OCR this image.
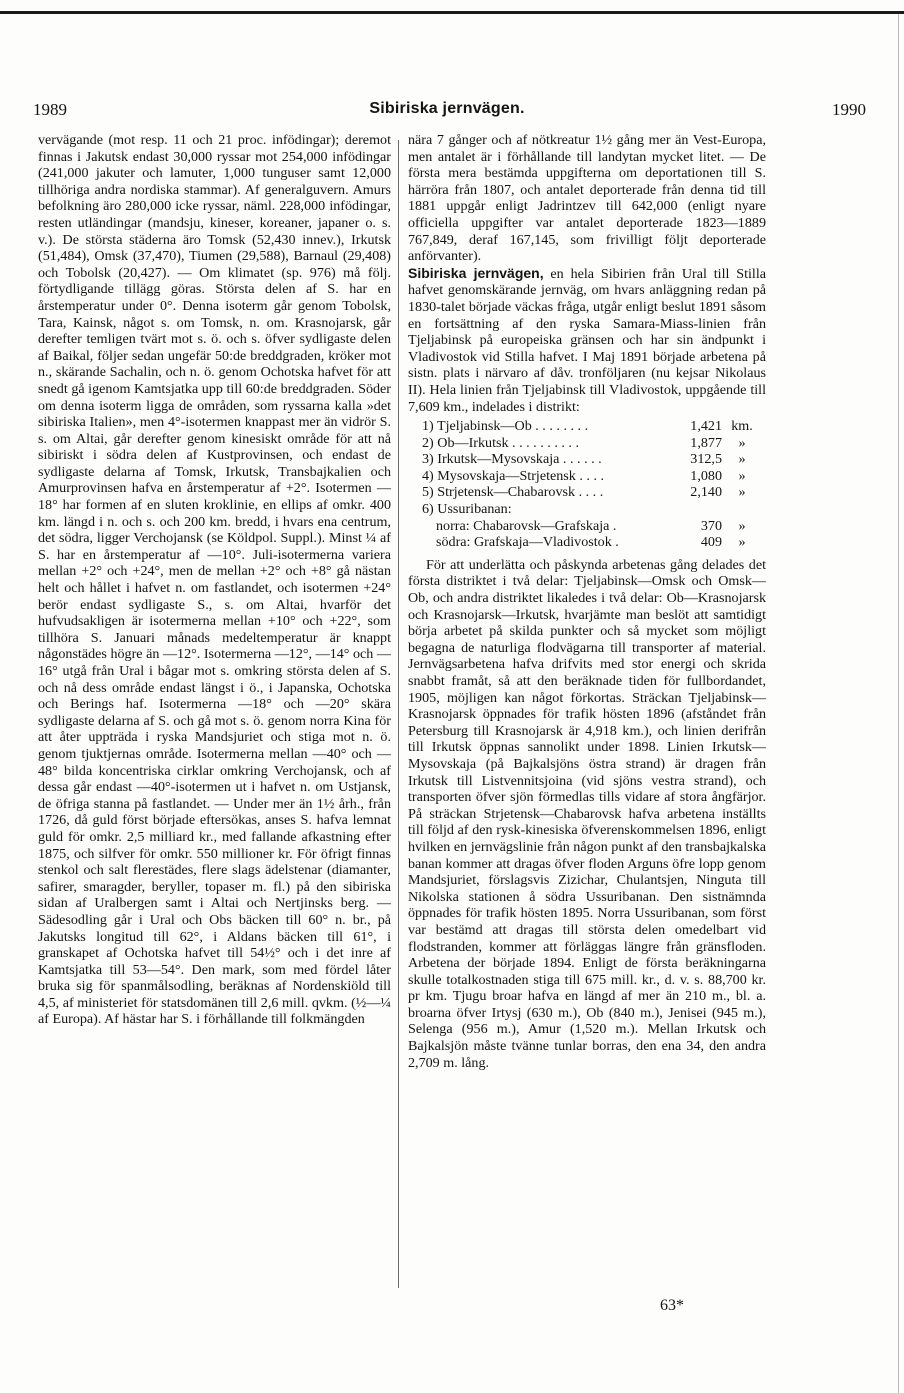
1989	Sibiriska jernvägen.	1990

vervägande (mot resp. 11 och 21 proc. infödingar); deremot finnas i Jakutsk endast 30,000 ryssar mot 254,000 infödingar (241,000 jakuter och lamuter, 1,000 tunguser samt 12,000 tillhöriga andra nordiska stammar). Af generalguvern. Amurs befolkning äro 280,000 icke ryssar, näml. 228,000 infödingar, resten utländingar (mandsju, kineser, koreaner, japaner o. s. v.). De största städerna äro Tomsk (52,430 innev.), Irkutsk (51,484), Omsk (37,470), Tiumen (29,588), Barnaul (29,408) och Tobolsk (20,427). — Om klimatet (sp. 976) må följ. förtydligande tillägg göras. Största delen af S. har en årstemperatur under 0°. Denna isoterm går genom Tobolsk, Tara, Kainsk, något s. om Tomsk, n. om. Krasnojarsk, går derefter temligen tvärt mot s. ö. och s. öfver sydligaste delen af Baikal, följer sedan ungefär 50:de breddgraden, kröker mot n., skärande Sachalin, och n. ö. genom Ochotska hafvet för att snedt gå igenom Kamtsjatka upp till 60:de breddgraden. Söder om denna isoterm ligga de områden, som ryssarna kalla »det sibiriska Italien», men 4°-isotermen knappast mer än vidrör S. s. om Altai, går derefter genom kinesiskt område för att nå sibiriskt i södra delen af Kustprovinsen, och endast de sydligaste delarna af Tomsk, Irkutsk, Transbajkalien och Amurprovinsen hafva en årstemperatur af +2°. Isotermen —18° har formen af en sluten kroklinie, en ellips af omkr. 400 km. längd i n. och s. och 200 km. bredd, i hvars ena centrum, det södra, ligger Verchojansk (se Köldpol. Suppl.). Minst ¼ af S. har en årstemperatur af —10°. Juli-isotermerna variera mellan +2° och +24°, men de mellan +2° och +8° gå nästan helt och hållet i hafvet n. om fastlandet, och isotermen +24° berör endast sydligaste S., s. om Altai, hvarför det hufvudsakligen är isotermerna mellan +10° och +22°, som tillhöra S. Januari månads medeltemperatur är knappt någonstädes högre än —12°. Isotermerna —12°, —14° och —16° utgå från Ural i bågar mot s. omkring största delen af S. och nå dess område endast längst i ö., i Japanska, Ochotska och Berings haf. Isotermerna —18° och —20° skära sydligaste delarna af S. och gå mot s. ö. genom norra Kina för att åter uppträda i ryska Mandsjuriet och stiga mot n. ö. genom tjuktjernas område. Isotermerna mellan —40° och —48° bilda koncentriska cirklar omkring Verchojansk, och af dessa går endast —40°-isotermen ut i hafvet n. om Ustjansk, de öfriga stanna på fastlandet. — Under mer än 1½ årh., från 1726, då guld först började eftersökas, anses S. hafva lemnat guld för omkr. 2,5 milliard kr., med fallande afkastning efter 1875, och silfver för omkr. 550 millioner kr. För öfrigt finnas stenkol och salt flerestädes, flere slags ädelstenar (diamanter, safirer, smaragder, beryller, topaser m. fl.) på den sibiriska sidan af Uralbergen samt i Altai och Nertjinsks berg. — Sädesodling går i Ural och Obs bäcken till 60° n. br., på Jakutsks longitud till 62°, i Aldans bäcken till 61°, i granskapet af Ochotska hafvet till 54½° och i det inre af Kamtsjatka till 53—54°. Den mark, som med fördel låter bruka sig för spanmålsodling, beräknas af Nordenskiöld till 4,5, af ministeriet för statsdomänen till 2,6 mill. qvkm. (½—¼ af Europa). Af hästar har S. i förhållande till folkmängden

nära 7 gånger och af nötkreatur 1½ gång mer än Vest-Europa, men antalet är i förhållande till landytan mycket litet. — De första mera bestämda uppgifterna om deportationen till S. härröra från 1807, och antalet deporterade från denna tid till 1881 uppgår enligt Jadrintzev till 642,000 (enligt nyare officiella uppgifter var antalet deporterade 1823—1889 767,849, deraf 167,145, som frivilligt följt deporterade anförvanter).

Sibiriska jernvägen, en hela Sibirien från Ural till Stilla hafvet genomskärande jernväg, om hvars anläggning redan på 1830-talet började väckas fråga, utgår enligt beslut 1891 såsom en fortsättning af den ryska Samara-Miass-linien från Tjeljabinsk på europeiska gränsen och har sin ändpunkt i Vladivostok vid Stilla hafvet. I Maj 1891 började arbetena på sistn. plats i närvaro af dåv. tronföljaren (nu kejsar Nikolaus II). Hela linien från Tjeljabinsk till Vladivostok, uppgående till 7,609 km., indelades i distrikt:

1) Tjeljabinsk—Ob . . . . . . . .	1,421 km.
2) Ob—Irkutsk . . . . . . . . . .	1,877	»
3) Irkutsk—Mysovskaja . . . . . .	312,5	»
4) Mysovskaja—Strjetensk . . . .	1,080	»
5) Strjetensk—Chabarovsk . . . .	2,140	»
6) Ussuribanan:
norra: Chabarovsk—Grafskaja .	370	»
södra: Grafskaja—Vladivostok .	409	»

För att underlätta och påskynda arbetenas gång delades det första distriktet i två delar: Tjeljabinsk—Omsk och Omsk—Ob, och andra distriktet likaledes i två delar: Ob—Krasnojarsk och Krasnojarsk—Irkutsk, hvarjämte man beslöt att samtidigt börja arbetet på skilda punkter och så mycket som möjligt begagna de naturliga flodvägarna till transporter af material. Jernvägsarbetena hafva drifvits med stor energi och skrida snabbt framåt, så att den beräknade tiden för fullbordandet, 1905, möjligen kan något förkortas. Sträckan Tjeljabinsk—Krasnojarsk öppnades för trafik hösten 1896 (afståndet från Petersburg till Krasnojarsk är 4,918 km.), och linien derifrån till Irkutsk öppnas sannolikt under 1898. Linien Irkutsk—Mysovskaja (på Bajkalsjöns östra strand) är dragen från Irkutsk till Listvennitsjoina (vid sjöns vestra strand), och transporten öfver sjön förmedlas tills vidare af stora ångfärjor. På sträckan Strjetensk—Chabarovsk hafva arbetena inställts till följd af den rysk-kinesiska öfverenskommelsen 1896, enligt hvilken en jernvägslinie från någon punkt af den transbajkalska banan kommer att dragas öfver floden Arguns öfre lopp genom Mandsjuriet, förslagsvis Zizichar, Chulantsjen, Ninguta till Nikolska stationen å södra Ussuribanan. Den sistnämnda öppnades för trafik hösten 1895. Norra Ussuribanan, som först var bestämd att dragas till största delen omedelbart vid flodstranden, kommer att förläggas längre från gränsfloden. Arbetena der började 1894. Enligt de första beräkningarna skulle totalkostnaden stiga till 675 mill. kr., d. v. s. 88,700 kr. pr km. Tjugu broar hafva en längd af mer än 210 m., bl. a. broarna öfver Irtysj (630 m.), Ob (840 m.), Jenisei (945 m.), Selenga (956 m.), Amur (1,520 m.). Mellan Irkutsk och Bajkalsjön måste tvänne tunlar borras, den ena 34, den andra 2,709 m. lång.

63*
